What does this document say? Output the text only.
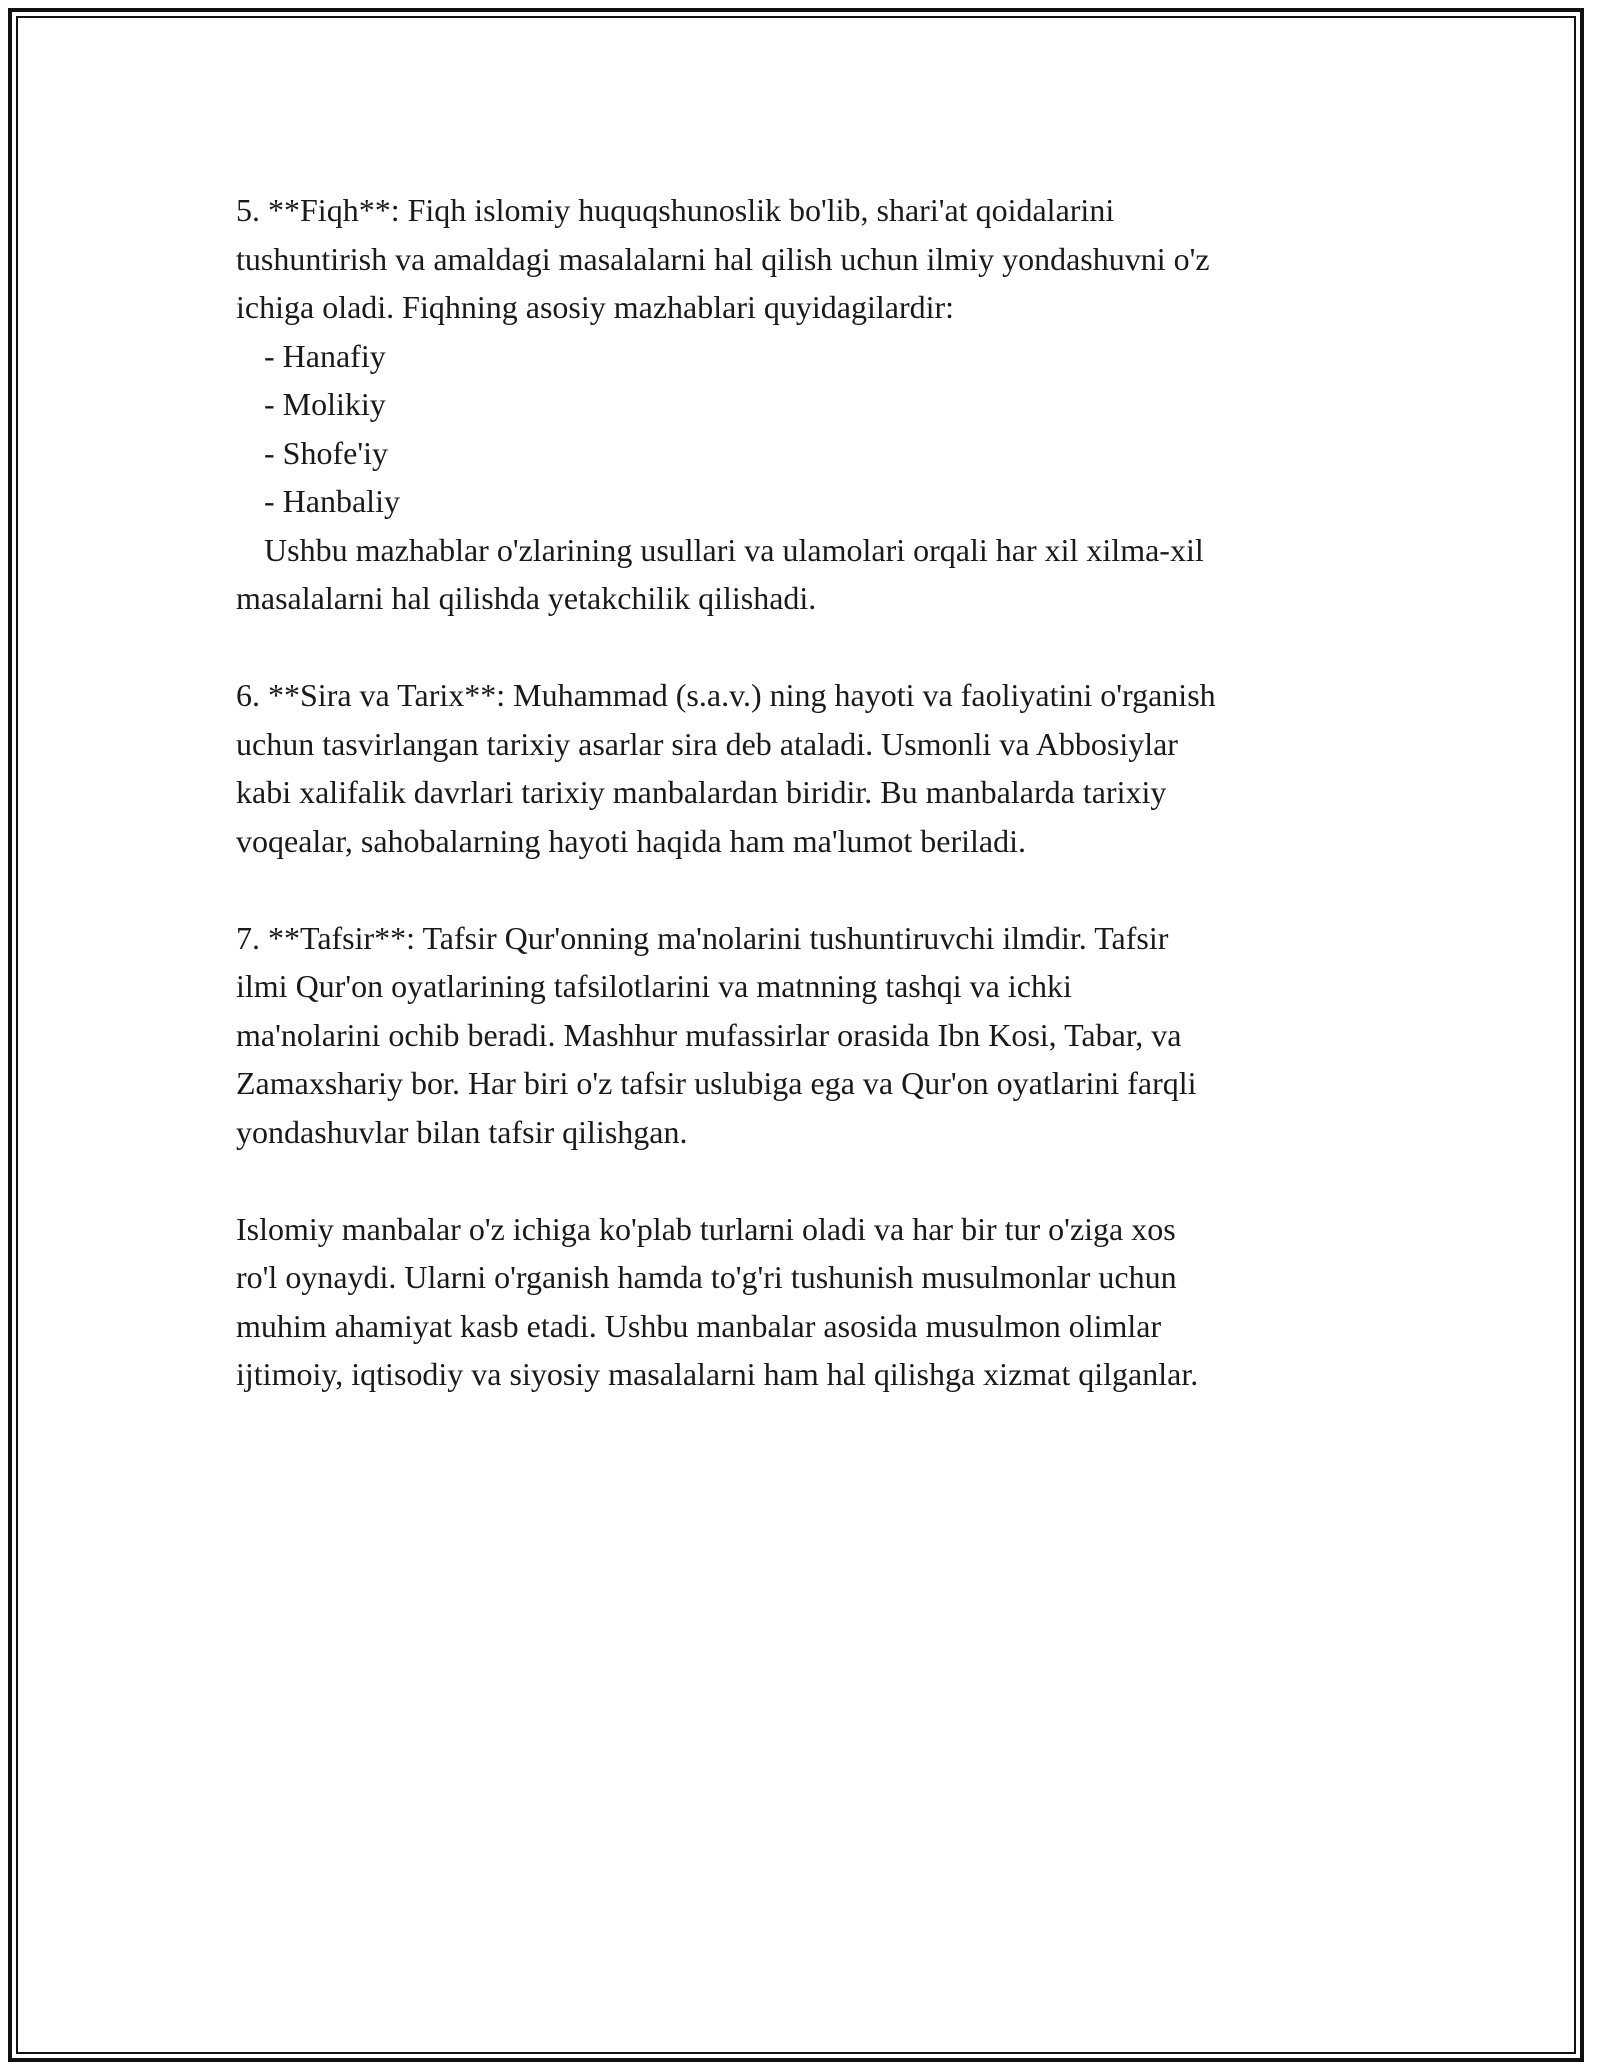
5. **Fiqh**: Fiqh islomiy huquqshunoslik bo'lib, shari'at qoidalarini
tushuntirish va amaldagi masalalarni hal qilish uchun ilmiy yondashuvni o'z
ichiga oladi. Fiqhning asosiy mazhablari quyidagilardir:
- Hanafiy
- Molikiy
- Shofe'iy
- Hanbaliy
Ushbu mazhablar o'zlarining usullari va ulamolari orqali har xil xilma-xil
masalalarni hal qilishda yetakchilik qilishadi.
6. **Sira va Tarix**: Muhammad (s.a.v.) ning hayoti va faoliyatini o'rganish
uchun tasvirlangan tarixiy asarlar sira deb ataladi. Usmonli va Abbosiylar
kabi xalifalik davrlari tarixiy manbalardan biridir. Bu manbalarda tarixiy
voqealar, sahobalarning hayoti haqida ham ma'lumot beriladi.
7. **Tafsir**: Tafsir Qur'onning ma'nolarini tushuntiruvchi ilmdir. Tafsir
ilmi Qur'on oyatlarining tafsilotlarini va matnning tashqi va ichki
ma'nolarini ochib beradi. Mashhur mufassirlar orasida Ibn Kosi, Tabar, va
Zamaxshariy bor. Har biri o'z tafsir uslubiga ega va Qur'on oyatlarini farqli
yondashuvlar bilan tafsir qilishgan.
Islomiy manbalar o'z ichiga ko'plab turlarni oladi va har bir tur o'ziga xos
ro'l oynaydi. Ularni o'rganish hamda to'g'ri tushunish musulmonlar uchun
muhim ahamiyat kasb etadi. Ushbu manbalar asosida musulmon olimlar
ijtimoiy, iqtisodiy va siyosiy masalalarni ham hal qilishga xizmat qilganlar.
